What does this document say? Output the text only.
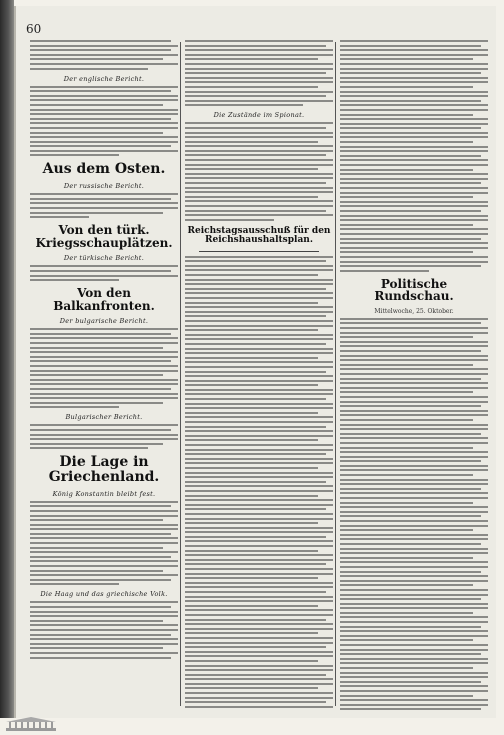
60
Der englische Bericht.
Aus dem Osten.
Der russische Bericht.
Von den türk. Kriegsschauplätzen.
Der türkische Bericht.
Von den Balkanfronten.
Der bulgarische Bericht.
Bulgarischer Bericht.
Die Lage in Griechenland.
König Konstantin bleibt fest.
Die Haag und das griechische Volk.
Die Zustände im Spionat.
Reichstagsausschuß für den Reichshaushaltsplan.
Politische Rundschau.
Mittelwoche, 25. Oktober.
